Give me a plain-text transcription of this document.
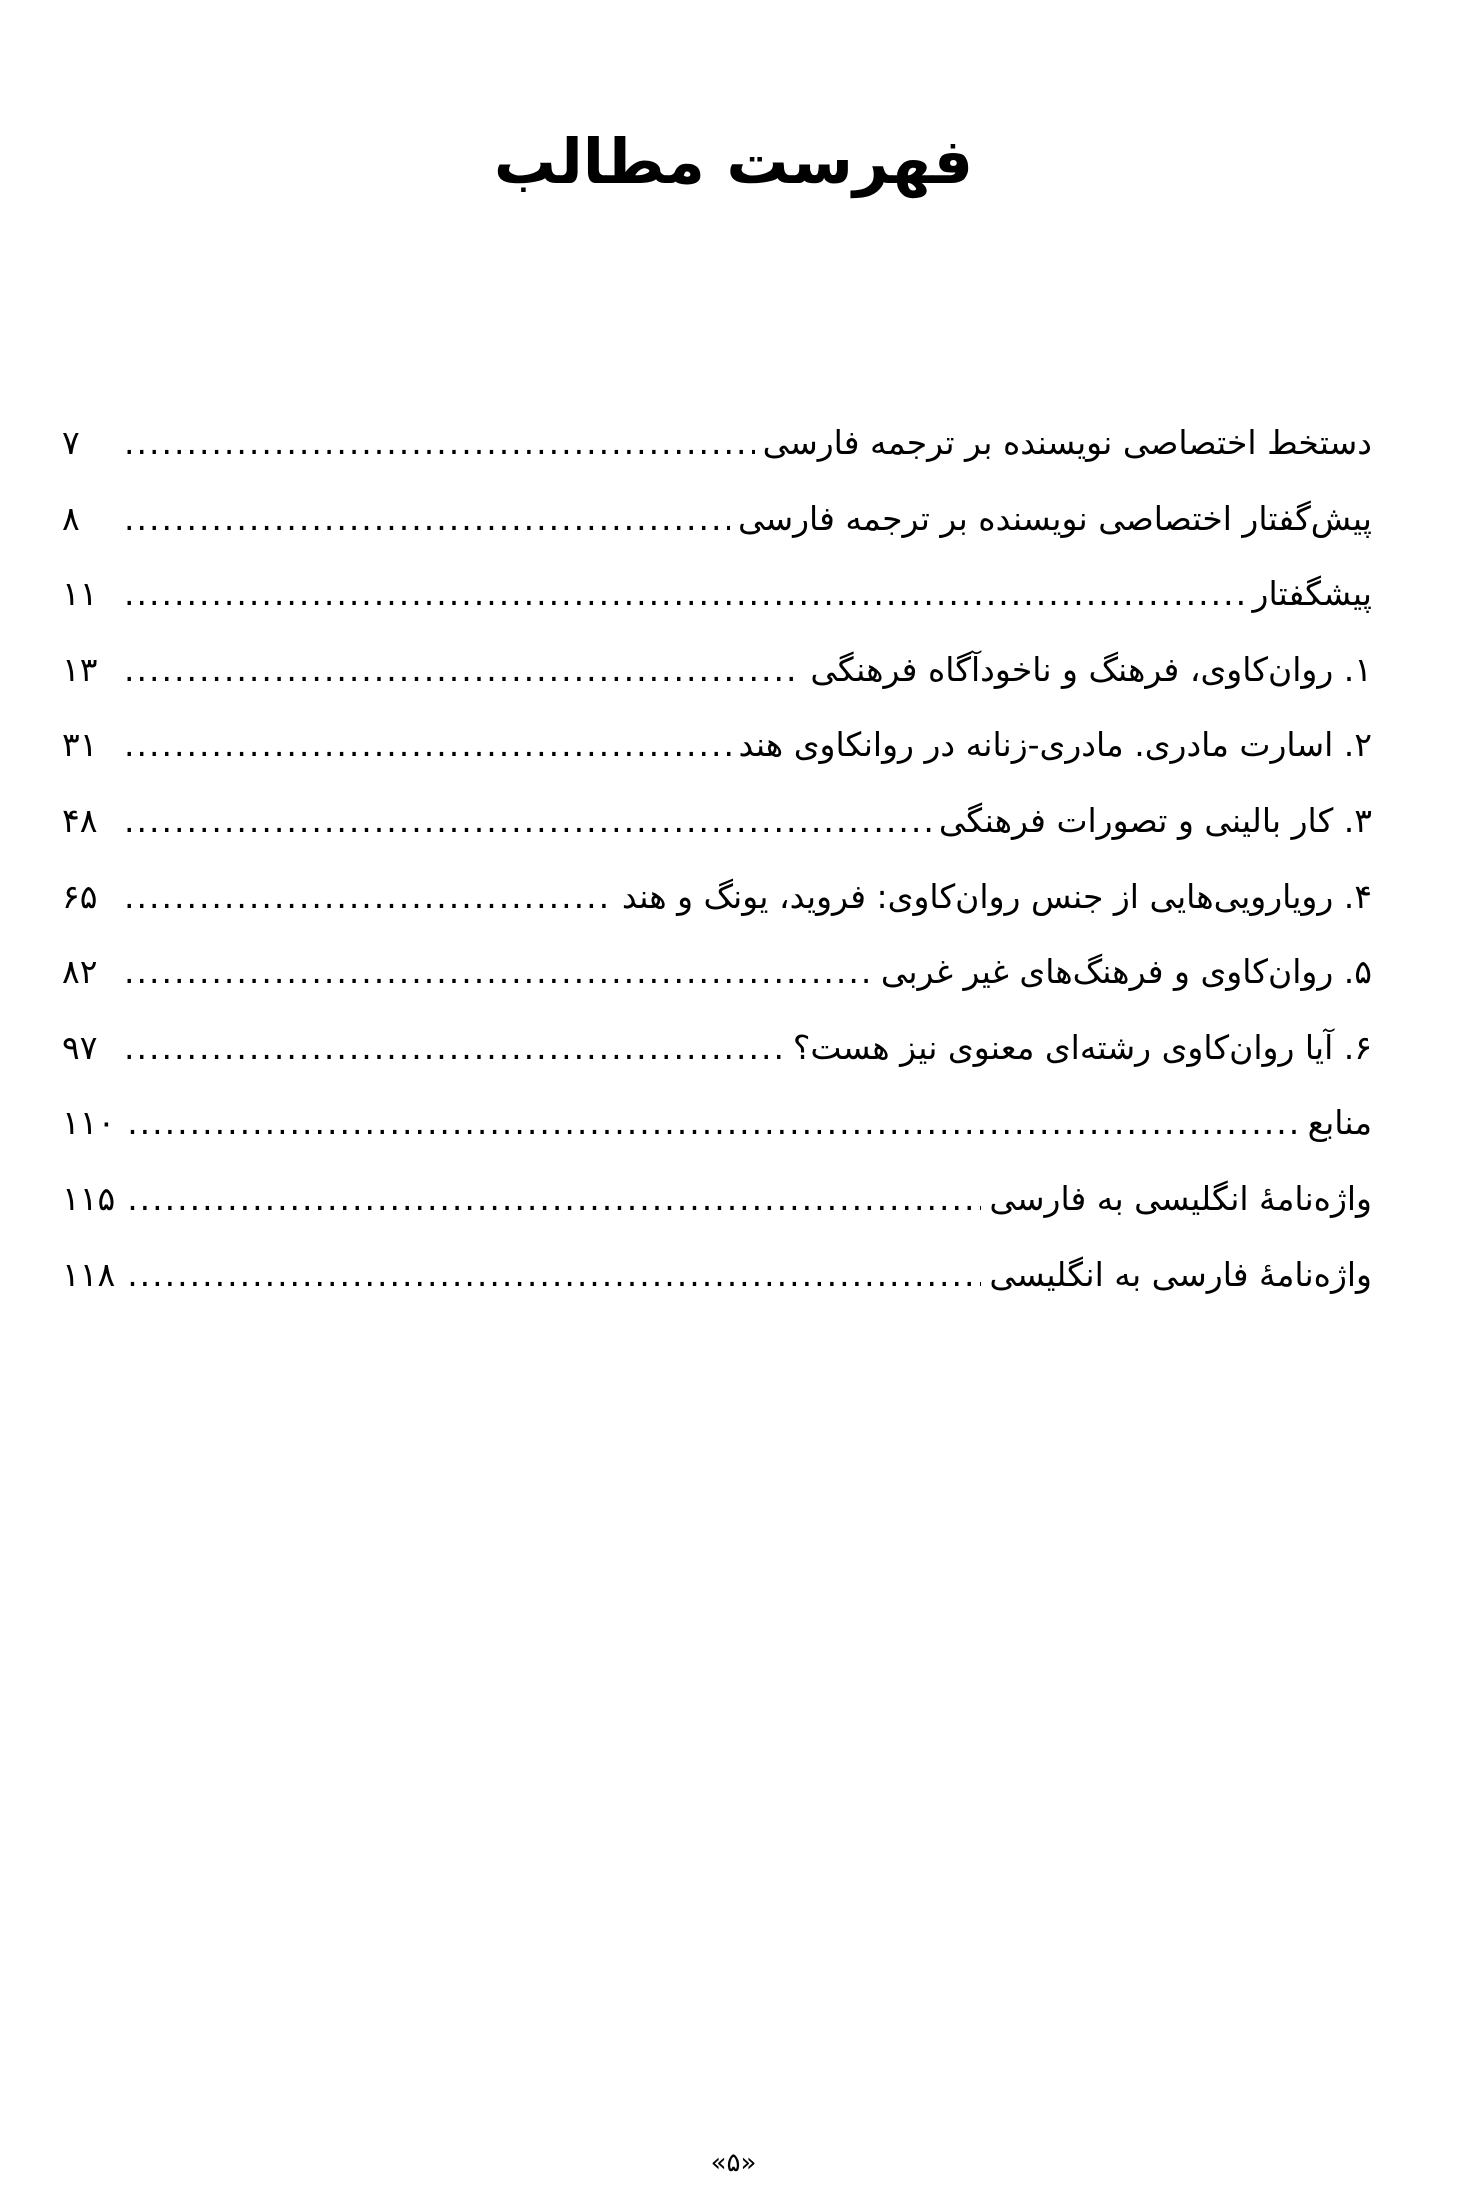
فهرست مطالب
دستخط اختصاصی نویسنده بر ترجمه فارسی
.....
۷
پیش‌گفتار اختصاصی نویسنده بر ترجمه فارسی
.....
۸
پیشگفتار
.....
۱۱
۱. روان‌کاوی، فرهنگ و ناخودآگاه فرهنگی
.....
۱۳
۲. اسارت مادری. مادری-زنانه در روانکاوی هند
.....
۳۱
۳. کار بالینی و تصورات فرهنگی
.....
۴۸
۴. رویارویی‌هایی از جنس روان‌کاوی: فروید، یونگ و هند
.....
۶۵
۵. روان‌کاوی و فرهنگ‌های غیر غربی
.....
۸۲
۶. آیا روان‌کاوی رشته‌ای معنوی نیز هست؟
.....
۹۷
منابع
.....
۱۱۰
واژه‌نامهٔ انگلیسی به فارسی
.....
۱۱۵
واژه‌نامهٔ فارسی به انگلیسی
.....
۱۱۸
«۵»
